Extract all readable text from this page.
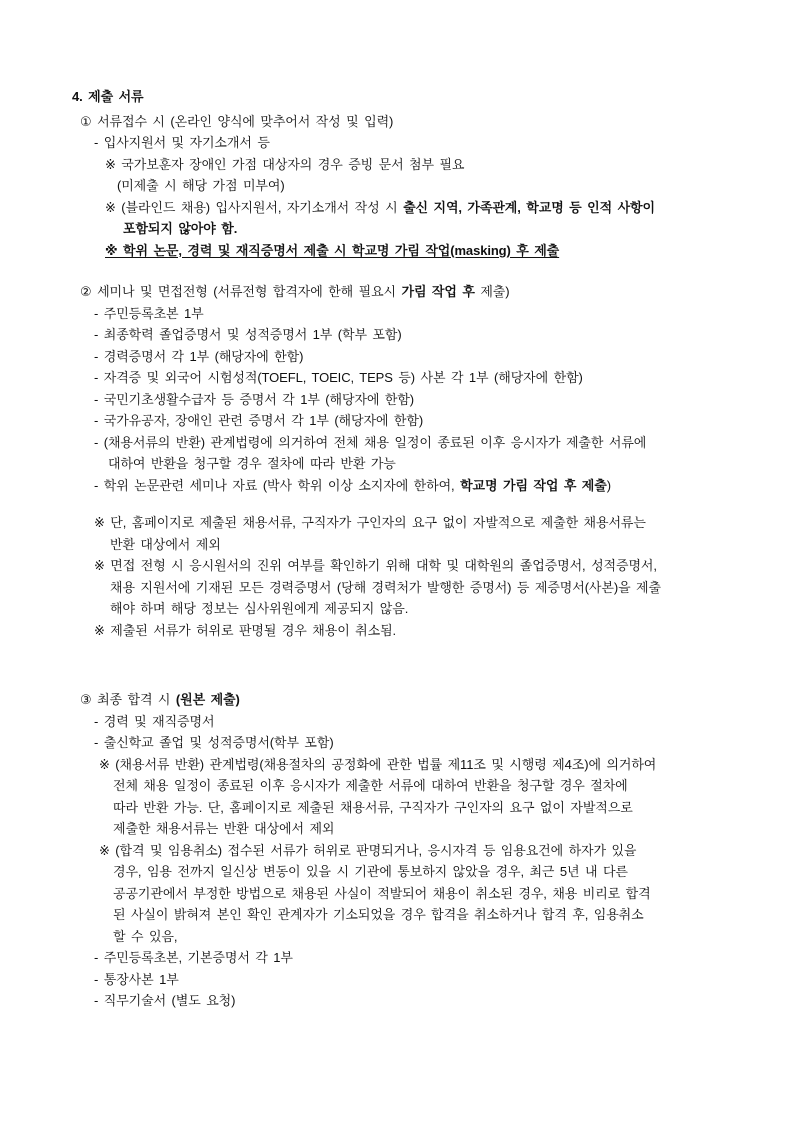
4. 제출 서류
① 서류접수 시 (온라인 양식에 맞추어서 작성 및 입력)
- 입사지원서 및 자기소개서 등
※ 국가보훈자 장애인 가점 대상자의 경우 증빙 문서 첨부 필요
(미제출 시 해당 가점 미부여)
※ (블라인드 채용) 입사지원서, 자기소개서 작성 시 출신 지역, 가족관계, 학교명 등 인적 사항이
포함되지 않아야 함.
※ 학위 논문, 경력 및 재직증명서 제출 시 학교명 가림 작업(masking) 후 제출
② 세미나 및 면접전형 (서류전형 합격자에 한해 필요시 가림 작업 후 제출)
- 주민등록초본 1부
- 최종학력 졸업증명서 및 성적증명서 1부 (학부 포함)
- 경력증명서 각 1부 (해당자에 한함)
- 자격증 및 외국어 시험성적(TOEFL, TOEIC, TEPS 등) 사본 각 1부 (해당자에 한함)
- 국민기초생활수급자 등 증명서 각 1부 (해당자에 한함)
- 국가유공자, 장애인 관련 증명서 각 1부 (해당자에 한함)
- (채용서류의 반환) 관계법령에 의거하여 전체 채용 일정이 종료된 이후 응시자가 제출한 서류에
대하여 반환을 청구할 경우 절차에 따라 반환 가능
- 학위 논문관련 세미나 자료 (박사 학위 이상 소지자에 한하여, 학교명 가림 작업 후 제출)
※ 단, 홈페이지로 제출된 채용서류, 구직자가 구인자의 요구 없이 자발적으로 제출한 채용서류는
반환 대상에서 제외
※ 면접 전형 시 응시원서의 진위 여부를 확인하기 위해 대학 및 대학원의 졸업증명서, 성적증명서,
채용 지원서에 기재된 모든 경력증명서 (당해 경력처가 발행한 증명서) 등 제증명서(사본)을 제출
해야 하며 해당 정보는 심사위원에게 제공되지 않음.
※ 제출된 서류가 허위로 판명될 경우 채용이 취소됨.
③ 최종 합격 시 (원본 제출)
- 경력 및 재직증명서
- 출신학교 졸업 및 성적증명서(학부 포함)
※ (채용서류 반환) 관계법령(채용절차의 공정화에 관한 법률 제11조 및 시행령 제4조)에 의거하여
전체 채용 일정이 종료된 이후 응시자가 제출한 서류에 대하여 반환을 청구할 경우 절차에
따라 반환 가능. 단, 홈페이지로 제출된 채용서류, 구직자가 구인자의 요구 없이 자발적으로
제출한 채용서류는 반환 대상에서 제외
※ (합격 및 임용취소) 접수된 서류가 허위로 판명되거나, 응시자격 등 임용요건에 하자가 있을
경우, 임용 전까지 일신상 변동이 있을 시 기관에 통보하지 않았을 경우, 최근 5년 내 다른
공공기관에서 부정한 방법으로 채용된 사실이 적발되어 채용이 취소된 경우, 채용 비리로 합격
된 사실이 밝혀져 본인 확인 관계자가 기소되었을 경우 합격을 취소하거나 합격 후, 임용취소
할 수 있음,
- 주민등록초본, 기본증명서 각 1부
- 통장사본 1부
- 직무기술서 (별도 요청)
